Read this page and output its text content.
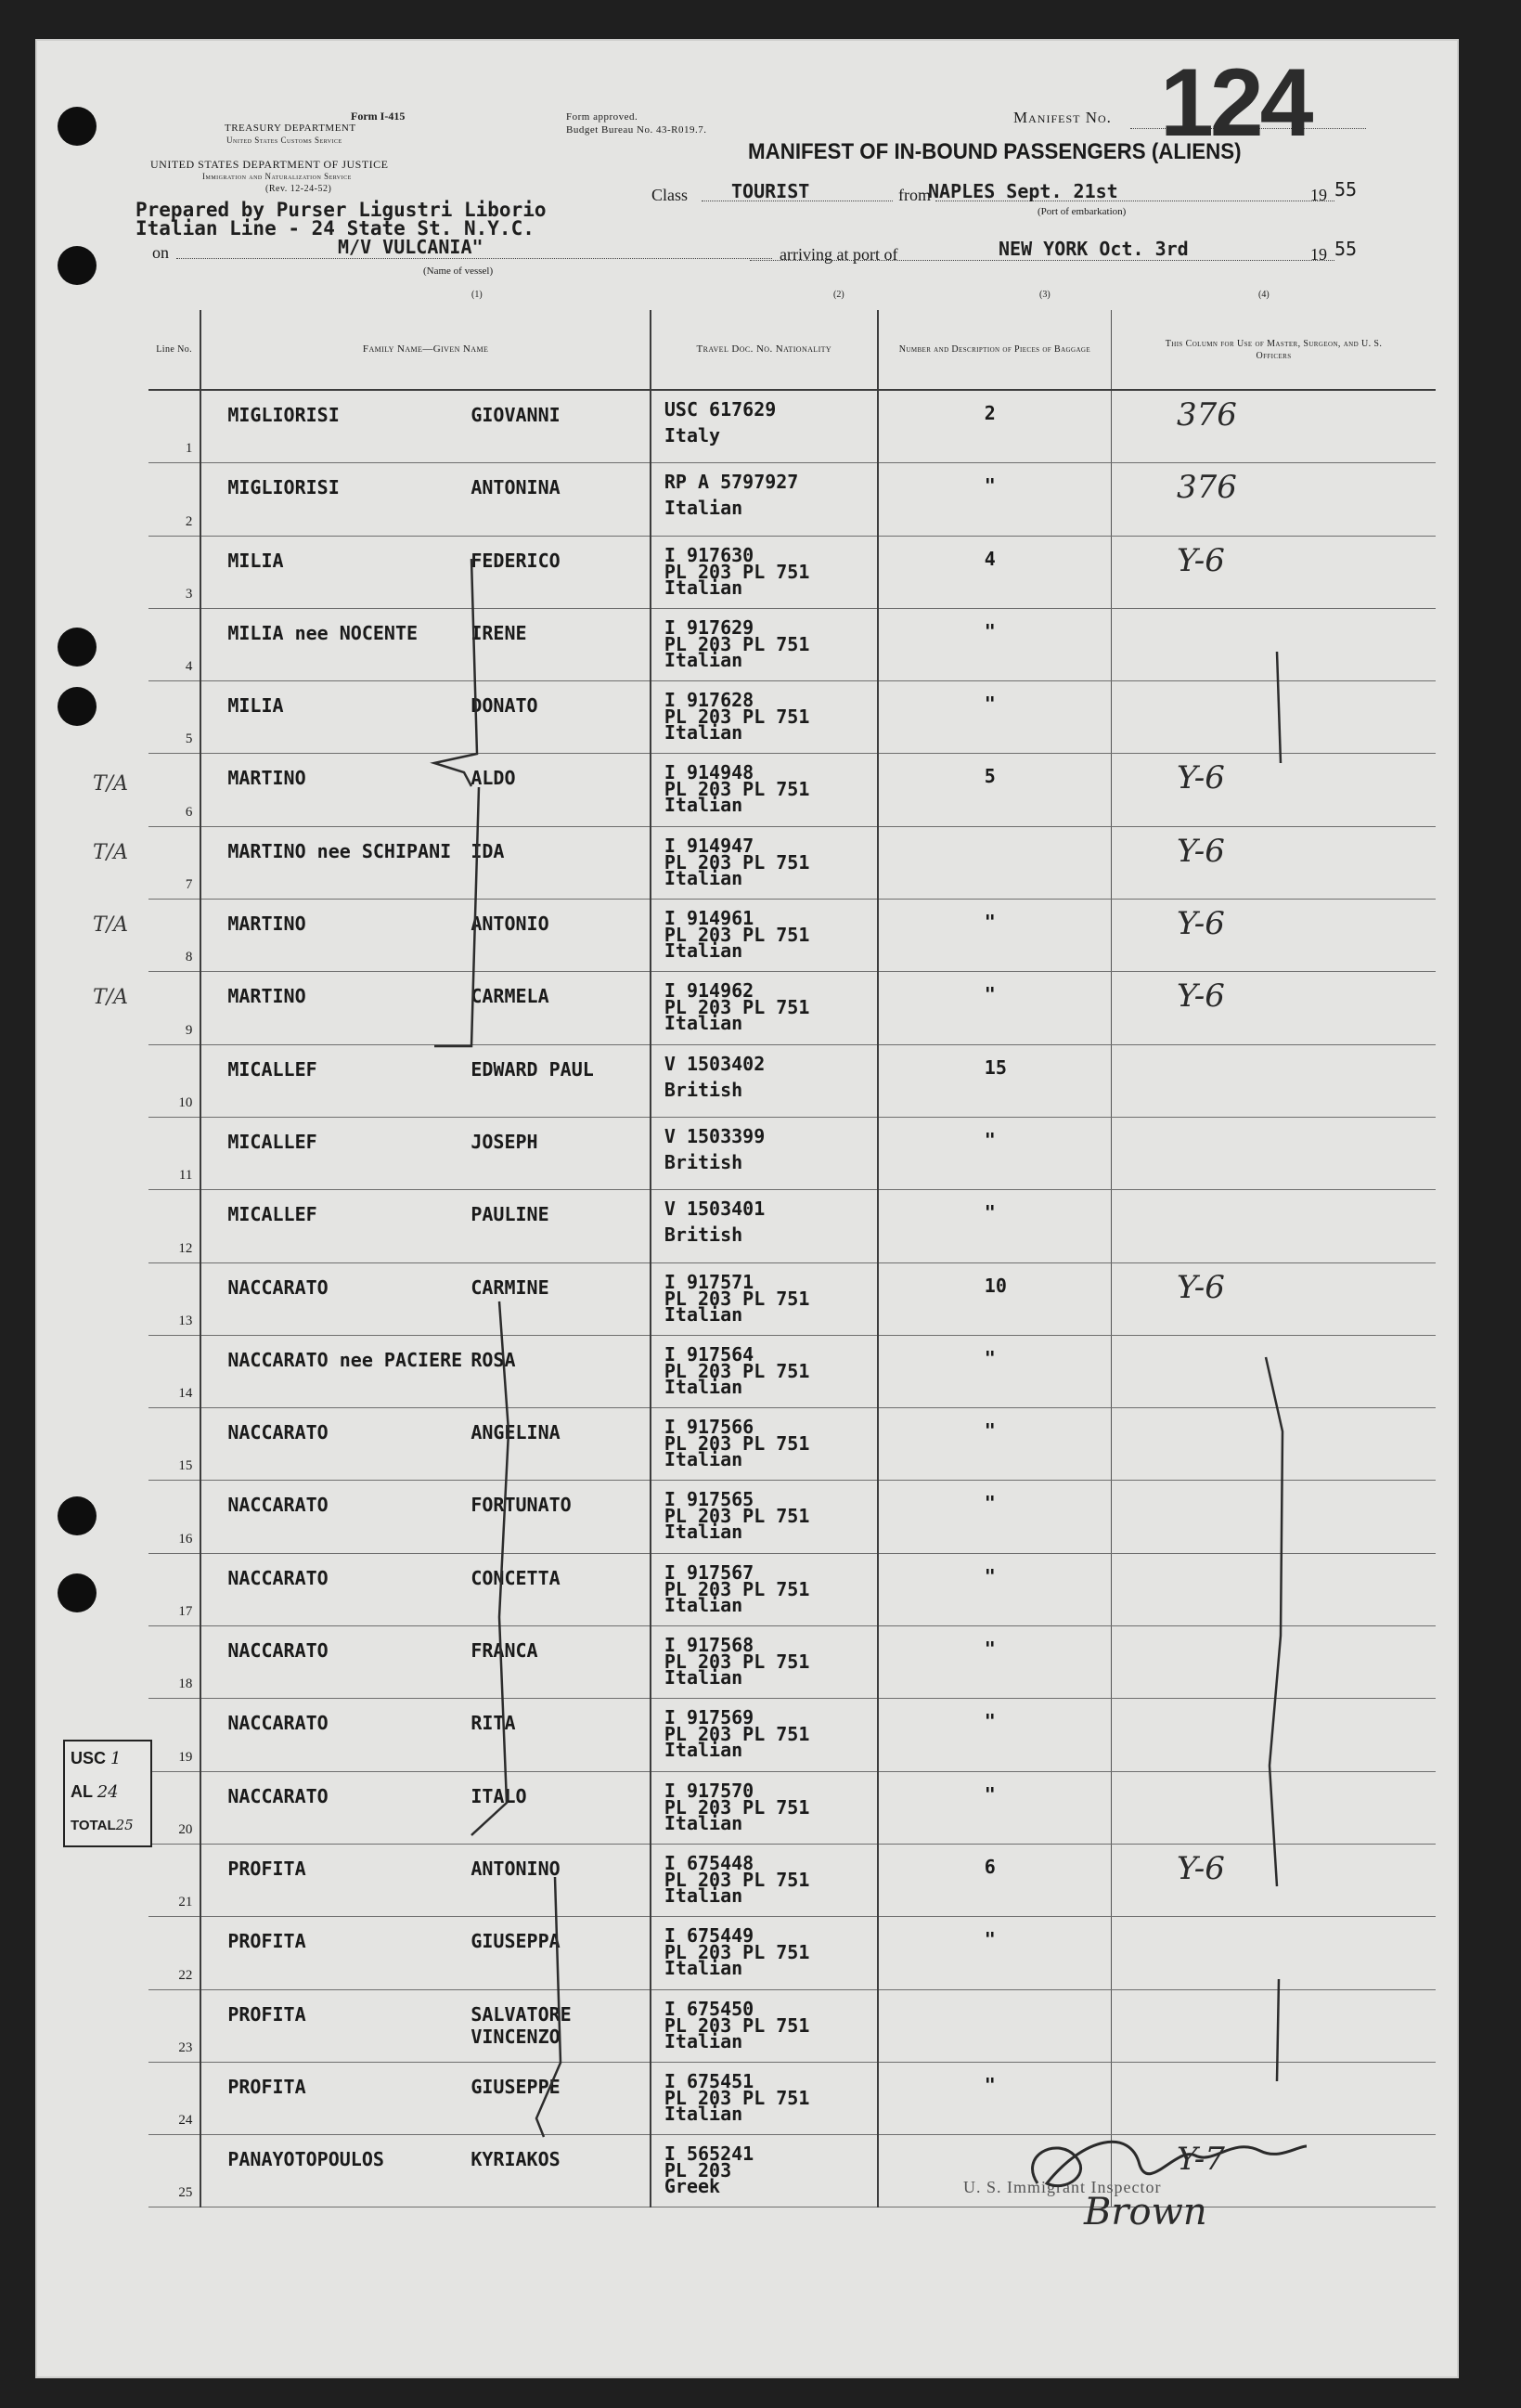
Form I-415
TREASURY DEPARTMENT
United States Customs Service
UNITED STATES DEPARTMENT OF JUSTICE
Immigration and Naturalization Service
(Rev. 12-24-52)
Form approved.
Budget Bureau No. 43-R019.7.
Manifest No. 124
MANIFEST OF IN-BOUND PASSENGERS (ALIENS)
Prepared by Purser Ligustri Liborio
Italian Line - 24 State St. N.Y.C.
on	M/V VULCANIA"
(Name of vessel)
Class TOURIST	from
NAPLES Sept. 21st
(Port of embarkation)
19 55
arriving at port of	NEW YORK Oct. 3rd	19 55
(1)	(2)	(3)	(4)
Line No.	Family Name—Given Name	Travel Doc. No. Nationality	Number and Description of Pieces of Baggage	This Column for Use of Master, Surgeon, and U. S. Officers

1	MIGLIORISI GIOVANNI	USC 617629
Italy	2	376

2	MIGLIORISI ANTONINA	RP A 5797927
Italian	"	376

3	MILIA FEDERICO	I 917630
PL 203 PL 751
Italian	4	Y-6

4	MILIA nee NOCENTE IRENE	I 917629
PL 203 PL 751
Italian	"	

5	MILIA DONATO	I 917628
PL 203 PL 751
Italian	"	

6	MARTINO ALDO	I 914948
PL 203 PL 751
Italian	5	Y-6

7	MARTINO nee SCHIPANI IDA	I 914947
PL 203 PL 751
Italian		Y-6

8	MARTINO ANTONIO	I 914961
PL 203 PL 751
Italian	"	Y-6

9	MARTINO CARMELA	I 914962
PL 203 PL 751
Italian	"	Y-6

10	MICALLEF EDWARD PAUL	V 1503402
British	15	

11	MICALLEF JOSEPH	V 1503399
British	"	

12	MICALLEF PAULINE	V 1503401
British	"	

13	NACCARATO CARMINE	I 917571
PL 203 PL 751
Italian	10	Y-6

14	NACCARATO nee PACIERE ROSA	I 917564
PL 203 PL 751
Italian	"	

15	NACCARATO ANGELINA	I 917566
PL 203 PL 751
Italian	"	

16	NACCARATO FORTUNATO	I 917565
PL 203 PL 751
Italian	"	

17	NACCARATO CONCETTA	I 917567
PL 203 PL 751
Italian	"	

18	NACCARATO FRANCA	I 917568
PL 203 PL 751
Italian	"	

19	NACCARATO RITA	I 917569
PL 203 PL 751
Italian	"	

20	NACCARATO ITALO	I 917570
PL 203 PL 751
Italian	"	

21	PROFITA ANTONINO	I 675448
PL 203 PL 751
Italian	6	Y-6

22	PROFITA GIUSEPPA	I 675449
PL 203 PL 751
Italian	"	

23	PROFITA SALVATORE VINCENZO	I 675450
PL 203 PL 751
Italian		

24	PROFITA GIUSEPPE	I 675451
PL 203 PL 751
Italian	"	

25	PANAYOTOPOULOS KYRIAKOS	I 565241
PL 203
Greek		Y-7
T/A
T/A
T/A
T/A
USC 1
AL 24
TOTAL25
U. S. Immigrant Inspector
Brown
